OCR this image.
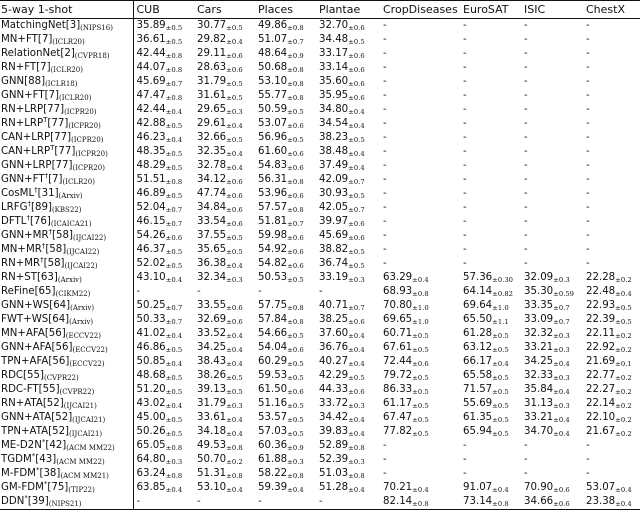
5-way 1-shot	CUB	Cars	Places	Plantae	CropDiseases	EuroSAT	ISIC	ChestX
MatchingNet[3](NIPS16)	35.89±0.5	30.77±0.5	49.86±0.8	32.70±0.6	-	-	-	-
MN+FT[7](ICLR20)	36.61±0.5	29.82±0.4	51.07±0.7	34.48±0.5	-	-	-	-
RelationNet[2](CVPR18)	42.44±0.8	29.11±0.6	48.64±0.9	33.17±0.6	-	-	-	-
RN+FT[7](ICLR20)	44.07±0.8	28.63±0.6	50.68±0.8	33.14±0.6	-	-	-	-
GNN[88](ICLR18)	45.69±0.7	31.79±0.5	53.10±0.8	35.60±0.6	-	-	-	-
GNN+FT[7](ICLR20)	47.47±0.8	31.61±0.5	55.77±0.8	35.95±0.6	-	-	-	-
RN+LRP[77](ICPR20)	42.44±0.4	29.65±0.3	50.59±0.5	34.80±0.4	-	-	-	-
$RN+LRP^T[77](ICPR20)$	42.88±0.5	29.61±0.4	53.07±0.6	34.54±0.4	-	-	-	-
CAN+LRP[77](ICPR20)	46.23±0.4	32.66±0.5	56.96±0.5	38.23±0.5	-	-	-	-
$CAN+LRP^T[77](ICPR20)$	48.35±0.5	32.35±0.4	61.60±0.6	38.48±0.4	-	-	-	-
GNN+LRP[77](ICPR20)	48.29±0.5	32.78±0.4	54.83±0.6	37.49±0.4	-	-	-	-
GNN+FT†[7](ICLR20)	51.51±0.8	34.12±0.6	56.31±0.8	42.09±0.7	-	-	-	-
CosML†[31](Arxiv)	46.89±0.5	47.74±0.6	53.96±0.6	30.93±0.5	-	-	-	-
LRFG†[89](KBS22)	52.04±0.7	34.84±0.6	57.57±0.8	42.05±0.7	-	-	-	-
DFTL†[76](ICAICA21)	46.15±0.7	33.54±0.6	51.81±0.7	39.97±0.6	-	-	-	-
GNN+MR†[58](IJCAI22)	54.26±0.6	37.55±0.5	59.98±0.6	45.69±0.6	-	-	-	-
MN+MR†[58](IJCAI22)	46.37±0.5	35.65±0.5	54.92±0.6	38.82±0.5	-	-	-	-
RN+MR†[58](IJCAI22)	52.02±0.5	36.38±0.4	54.82±0.6	36.74±0.5	-	-	-	-
RN+ST[63](Arxiv)	43.10±0.4	32.34±0.3	50.53±0.5	33.19±0.3	63.29±0.4	57.36±0.30	32.09±0.3	22.28±0.2
ReFine[65](CIKM22)	-	-	-	-	68.93±0.8	64.14±0.82	35.30±0.59	22.48±0.4
GNN+WS[64](Arxiv)	50.25±0.7	33.55±0.6	57.75±0.8	40.71±0.7	70.80±1.0	69.64±1.0	33.35±0.7	22.93±0.5
FWT+WS[64](Arxiv)	50.33±0.7	32.69±0.6	57.84±0.8	38.25±0.6	69.65±1.0	65.50±1.1	33.09±0.7	22.39±0.5
MN+AFA[56](ECCV22)	41.02±0.4	33.52±0.4	54.66±0.5	37.60±0.4	60.71±0.5	61.28±0.5	32.32±0.3	22.11±0.2
GNN+AFA[56](ECCV22)	46.86±0.5	34.25±0.4	54.04±0.6	36.76±0.4	67.61±0.5	63.12±0.5	33.21±0.3	22.92±0.2
TPN+AFA[56](ECCV22)	50.85±0.4	38.43±0.4	60.29±0.5	40.27±0.4	72.44±0.6	66.17±0.4	34.25±0.4	21.69±0.1
RDC[55](CVPR22)	48.68±0.5	38.26±0.5	59.53±0.5	42.29±0.5	79.72±0.5	65.58±0.5	32.33±0.3	22.77±0.2
RDC-FT[55](CVPR22)	51.20±0.5	39.13±0.5	61.50±0.6	44.33±0.6	86.33±0.5	71.57±0.5	35.84±0.4	22.27±0.2
RN+ATA[52](IJCAI21)	43.02±0.4	31.79±0.3	51.16±0.5	33.72±0.3	61.17±0.5	55.69±0.5	31.13±0.3	22.14±0.2
GNN+ATA[52](IJCAI21)	45.00±0.5	33.61±0.4	53.57±0.5	34.42±0.4	67.47±0.5	61.35±0.5	33.21±0.4	22.10±0.2
TPN+ATA[52](IJCAI21)	50.26±0.5	34.18±0.4	57.03±0.5	39.83±0.4	77.82±0.5	65.94±0.5	34.70±0.4	21.67±0.2
ME-D2N*[42](ACM MM22)	65.05±0.8	49.53±0.8	60.36±0.9	52.89±0.8	-	-	-	-
TGDM*[43](ACM MM22)	64.80±0.3	50.70±0.2	61.88±0.3	52.39±0.3	-	-	-	-
M-FDM*[38](ACM MM21)	63.24±0.8	51.31±0.8	58.22±0.8	51.03±0.8	-	-	-	-
GM-FDM*[75](TIP22)	63.85±0.4	53.10±0.4	59.39±0.4	51.28±0.4	70.21±0.4	91.07±0.4	70.90±0.6	53.07±0.4
DDN*[39](NIPS21)	-	-	-	-	82.14±0.8	73.14±0.8	34.66±0.6	23.38±0.4
